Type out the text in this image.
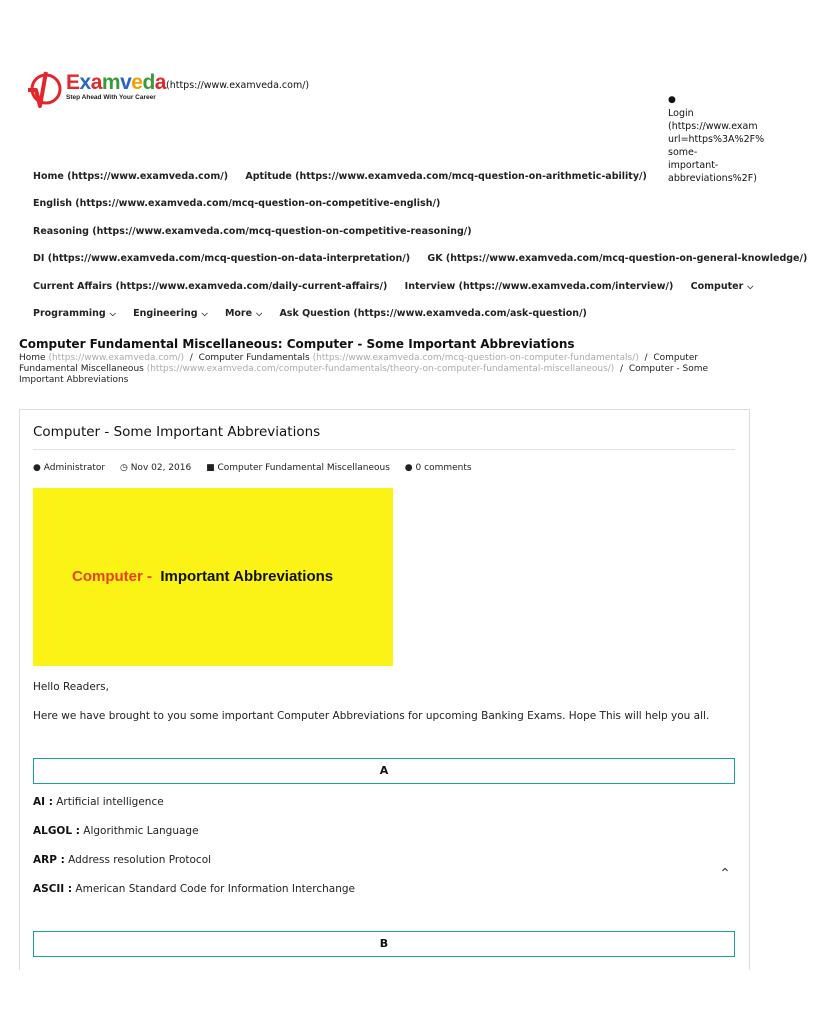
Examveda
Step Ahead With Your Career
(https://www.examveda.com/)

●
Login
(https://www.exam
url=https%3A%2F%
some-
important-
abbreviations%2F)

Home (https://www.examveda.com/) Aptitude (https://www.examveda.com/mcq-question-on-arithmetic-ability/)
English (https://www.examveda.com/mcq-question-on-competitive-english/)
Reasoning (https://www.examveda.com/mcq-question-on-competitive-reasoning/)
DI (https://www.examveda.com/mcq-question-on-data-interpretation/) GK (https://www.examveda.com/mcq-question-on-general-knowledge/)
Current Affairs (https://www.examveda.com/daily-current-affairs/) Interview (https://www.examveda.com/interview/) Computer ⌵
Programming ⌵ Engineering ⌵ More ⌵ Ask Question (https://www.examveda.com/ask-question/)
Computer Fundamental Miscellaneous: Computer - Some Important Abbreviations
Home (https://www.examveda.com/) / Computer Fundamentals (https://www.examveda.com/mcq-question-on-computer-fundamentals/) / Computer Fundamental Miscellaneous (https://www.examveda.com/computer-fundamentals/theory-on-computer-fundamental-miscellaneous/) / Computer - Some Important Abbreviations
Computer - Some Important Abbreviations
● Administrator ◷ Nov 02, 2016 ■ Computer Fundamental Miscellaneous ● 0 comments
Computer - Important Abbreviations
Hello Readers,
Here we have brought to you some important Computer Abbreviations for upcoming Banking Exams. Hope This will help you all.
A
AI : Artificial intelligence
ALGOL : Algorithmic Language
ARP : Address resolution Protocol
ASCII : American Standard Code for Information Interchange
⌃
B
